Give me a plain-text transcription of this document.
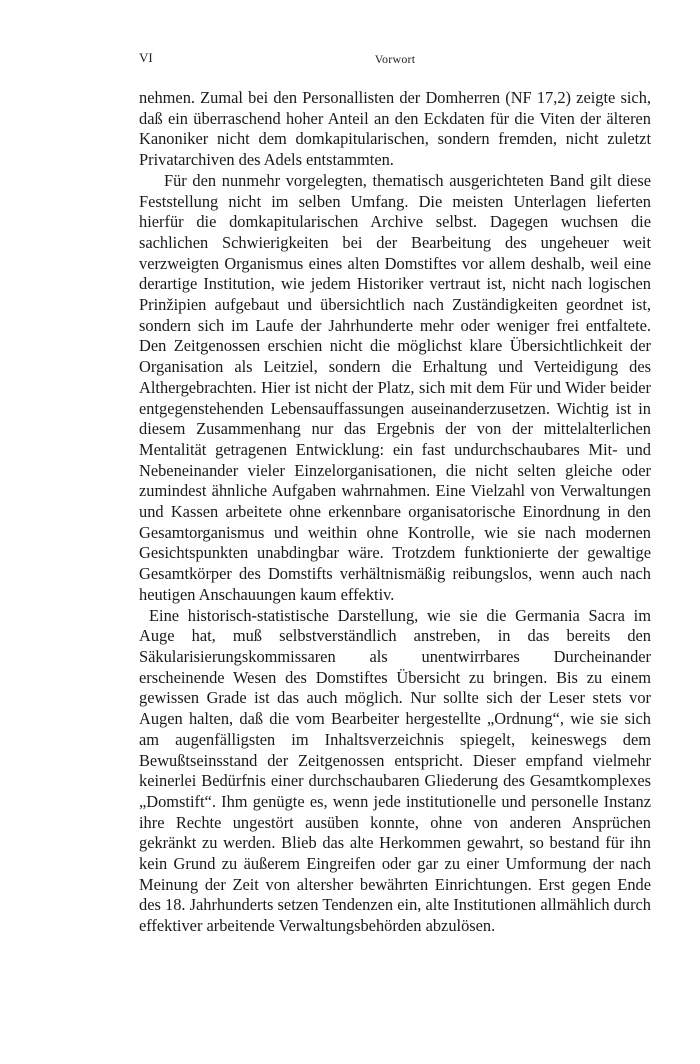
VI	Vorwort

nehmen. Zumal bei den Personallisten der Domherren (NF 17,2) zeigte sich, daß ein überraschend hoher Anteil an den Eckdaten für die Viten der älteren Kanoniker nicht dem domkapitularischen, sondern fremden, nicht zuletzt Privatarchiven des Adels entstammten.

Für den nunmehr vorgelegten, thematisch ausgerichteten Band gilt diese Feststellung nicht im selben Umfang. Die meisten Unterlagen lieferten hierfür die domkapitularischen Archive selbst. Dagegen wuchsen die sachlichen Schwierigkeiten bei der Bearbeitung des ungeheuer weit verzweigten Organismus eines alten Domstiftes vor allem deshalb, weil eine derartige Institution, wie jedem Historiker vertraut ist, nicht nach logischen Prinžipien aufgebaut und übersichtlich nach Zuständigkeiten geordnet ist, sondern sich im Laufe der Jahrhunderte mehr oder weniger frei entfaltete. Den Zeitgenossen erschien nicht die möglichst klare Übersichtlichkeit der Organisation als Leitziel, sondern die Erhaltung und Verteidigung des Althergebrachten. Hier ist nicht der Platz, sich mit dem Für und Wider beider entgegenstehenden Lebensauffassungen auseinanderzusetzen. Wichtig ist in diesem Zusammenhang nur das Ergebnis der von der mittelalterlichen Mentalität getragenen Entwicklung: ein fast undurchschaubares Mit- und Nebeneinander vieler Einzelorganisationen, die nicht selten gleiche oder zumindest ähnliche Aufgaben wahrnahmen. Eine Vielzahl von Verwaltungen und Kassen arbeitete ohne erkennbare organisatorische Einordnung in den Gesamtorganismus und weithin ohne Kontrolle, wie sie nach modernen Gesichtspunkten unabdingbar wäre. Trotzdem funktionierte der gewaltige Gesamtkörper des Domstifts verhältnismäßig reibungslos, wenn auch nach heutigen Anschauungen kaum effektiv.

Eine historisch-statistische Darstellung, wie sie die Germania Sacra im Auge hat, muß selbstverständlich anstreben, in das bereits den Säkularisierungskommissaren als unentwirrbares Durcheinander erscheinende Wesen des Domstiftes Übersicht zu bringen. Bis zu einem gewissen Grade ist das auch möglich. Nur sollte sich der Leser stets vor Augen halten, daß die vom Bearbeiter hergestellte „Ordnung“, wie sie sich am augenfälligsten im Inhaltsverzeichnis spiegelt, keineswegs dem Bewußtseinsstand der Zeitgenossen entspricht. Dieser empfand vielmehr keinerlei Bedürfnis einer durchschaubaren Gliederung des Gesamtkomplexes „Domstift“. Ihm genügte es, wenn jede institutionelle und personelle Instanz ihre Rechte ungestört ausüben konnte, ohne von anderen Ansprüchen gekränkt zu werden. Blieb das alte Herkommen gewahrt, so bestand für ihn kein Grund zu äußerem Eingreifen oder gar zu einer Umformung der nach Meinung der Zeit von altersher bewährten Einrichtungen. Erst gegen Ende des 18. Jahrhunderts setzen Tendenzen ein, alte Institutionen allmählich durch effektiver arbeitende Verwaltungsbehörden abzulösen.
